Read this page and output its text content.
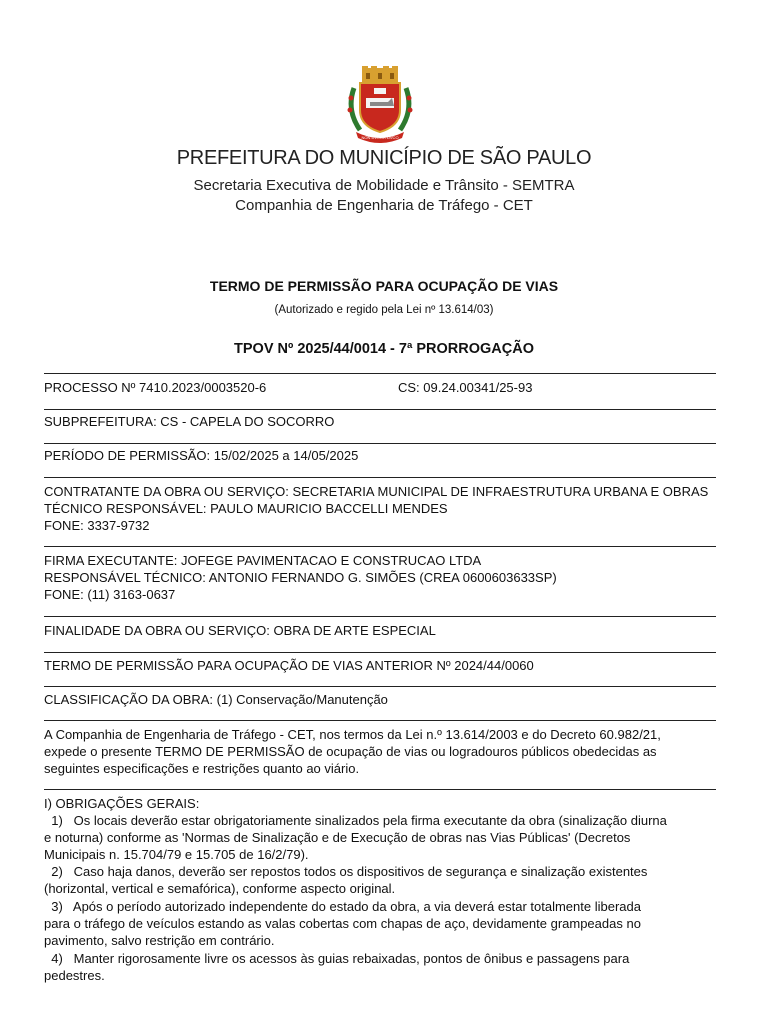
NON DVCOR DVCO
PREFEITURA DO MUNICÍPIO DE SÃO PAULO
Secretaria Executiva de Mobilidade e Trânsito - SEMTRA
Companhia de Engenharia de Tráfego - CET
TERMO DE PERMISSÃO PARA OCUPAÇÃO DE VIAS
(Autorizado e regido pela Lei nº 13.614/03)
TPOV Nº 2025/44/0014 - 7ª PRORROGAÇÃO
PROCESSO Nº 7410.2023/0003520-6	CS: 09.24.00341/25-93
SUBPREFEITURA: CS - CAPELA DO SOCORRO
PERÍODO DE PERMISSÃO: 15/02/2025 a 14/05/2025
CONTRATANTE DA OBRA OU SERVIÇO: SECRETARIA MUNICIPAL DE INFRAESTRUTURA URBANA E OBRAS
TÉCNICO RESPONSÁVEL: PAULO MAURICIO BACCELLI MENDES
FONE: 3337-9732
FIRMA EXECUTANTE: JOFEGE PAVIMENTACAO E CONSTRUCAO LTDA
RESPONSÁVEL TÉCNICO: ANTONIO FERNANDO G. SIMÕES (CREA 0600603633SP)
FONE: (11) 3163-0637
FINALIDADE DA OBRA OU SERVIÇO: OBRA DE ARTE ESPECIAL
TERMO DE PERMISSÃO PARA OCUPAÇÃO DE VIAS ANTERIOR Nº 2024/44/0060
CLASSIFICAÇÃO DA OBRA: (1) Conservação/Manutenção
A Companhia de Engenharia de Tráfego - CET, nos termos da Lei n.º 13.614/2003 e do Decreto 60.982/21,
expede o presente TERMO DE PERMISSÃO de ocupação de vias ou logradouros públicos obedecidas as
seguintes especificações e restrições quanto ao viário.
I) OBRIGAÇÕES GERAIS:
1)   Os locais deverão estar obrigatoriamente sinalizados pela firma executante da obra (sinalização diurna
e noturna) conforme as 'Normas de Sinalização e de Execução de obras nas Vias Públicas' (Decretos
Municipais n. 15.704/79 e 15.705 de 16/2/79).
2)   Caso haja danos, deverão ser repostos todos os dispositivos de segurança e sinalização existentes
(horizontal, vertical e semafórica), conforme aspecto original.
3)   Após o período autorizado independente do estado da obra, a via deverá estar totalmente liberada
para o tráfego de veículos estando as valas cobertas com chapas de aço, devidamente grampeadas no
pavimento, salvo restrição em contrário.
4)   Manter rigorosamente livre os acessos às guias rebaixadas, pontos de ônibus e passagens para
pedestres.
